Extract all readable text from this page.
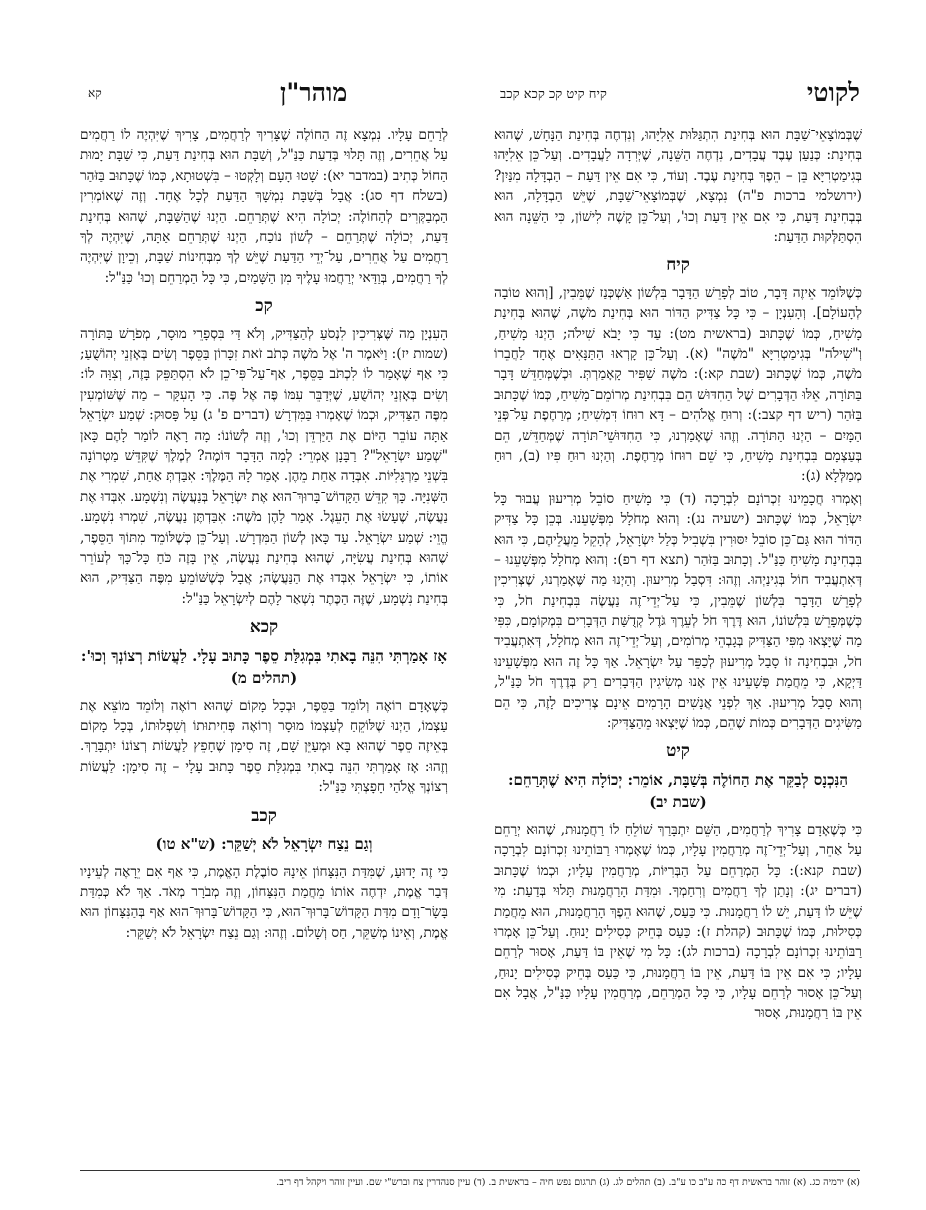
לקוטי
קיח קיט קכ קכא קכב
מוהר"ן
קא

שֶׁבְּמוֹצָאֵי־שַׁבָּת הוּא בְּחִינַת הִתְגַּלּוּת אֵלִיָּהוּ, וְנִדְחֶה בְּחִינַת הַנָּחָשׁ, שֶׁהוּא בְּחִינַת: כְּנַעַן עֶבֶד עֲבָדִים, נִדְחֶה הַשֵּׁנָה, שֶׁיְּרִדָה לַעֲבָדִים. וְעַל־כֵּן אֵלִיָּהוּ בְּגִימַטְרִיָּא בֵּן – הֵפֶךְ בְּחִינַת עֶבֶד. וְעוֹד, כִּי אִם אֵין דַּעַת – הַבְדָּלָה מִנַּיִן? (ירושלמי ברכות פ"ה) נִמְצָא, שֶׁבְּמוֹצָאֵי־שַׁבָּת, שֶׁיֵּשׁ הַבְדָּלָה, הוּא בְּבְחִינַת דַּעַת, כִּי אִם אֵין דַּעַת וְכוּ', וְעַל־כֵּן קָשֶׁה לִישׁוֹן, כִּי הַשֵּׁנָה הוּא הִסְתַּלְּקוּת הַדַּעַת:

קיח

כְּשֶׁלּוֹמֵד אֵיזֶה דָּבָר, טוֹב לְפָרֵשׁ הַדָּבָר בִּלְשׁוֹן אַשְׁכְּנַז שֶׁמֵּבִין, [וְהוּא טוֹבָה לְהָעוֹלָם]. וְהָעִנְיָן – כִּי כָּל צַדִּיק הַדּוֹר הוּא בְּחִינַת מֹשֶׁה, שֶׁהוּא בְּחִינַת מָשִׁיחַ, כְּמוֹ שֶׁכָּתוּב (בראשית מט): עַד כִּי יָבֹא שִׁילֹה; הַיְנוּ מָשִׁיחַ, וְ"שִׁילֹה" בְּגִימַטְרִיָּא "מֹשֶׁה" (א). וְעַל־כֵּן קָרְאוּ הַתַּנָּאִים אֶחָד לַחֲבֵרוֹ מֹשֶׁה, כְּמוֹ שֶׁכָּתוּב (שבת קא:): מֹשֶׁה שַׁפִּיר קָאָמַרְתְּ. וּכְשֶׁמְּחַדֵּשׁ דָּבָר בַּתּוֹרָה, אֵלּוּ הַדְּבָרִים שֶׁל הַחִדּוּשׁ הֵם בִּבְחִינַת מְרוֹמֵם־מָשִׁיחַ, כְּמוֹ שֶׁכָּתוּב בַּזֹּהַר (ריש דף קצב:): וְרוּחַ אֱלֹהִים – דָּא רוּחוֹ דִּמְשִׁיחַ; מְרַחֶפֶת עַל־פְּנֵי הַמָּיִם – הַיְנוּ הַתּוֹרָה. וְזֶהוּ שֶׁאָמַרְנוּ, כִּי הַחִדּוּשֵׁי־תּוֹרָה שֶׁמְּחַדֵּשׁ, הֵם בְּעַצְמָם בִּבְחִינַת מָשִׁיחַ, כִּי שֵׁם רוּחוֹ מְרַחֶפֶת. וְהַיְנוּ רוּחַ פִּיו (ב), רוּחַ מְמַלְּלָא (ג):

וְאָמְרוּ חֲכָמֵינוּ זִכְרוֹנָם לִבְרָכָה (ד) כִּי מָשִׁיחַ סוֹבֵל מְרִיעוּן עֲבוּר כָּל יִשְׂרָאֵל, כְּמוֹ שֶׁכָּתוּב (ישעיה נג): וְהוּא מְחֹלָל מִפְּשָׁעֵנוּ. בְּכֵן כָּל צַדִּיק הַדּוֹר הוּא גַּם־כֵּן סוֹבֵל יִסּוּרִין בִּשְׁבִיל כְּלַל יִשְׂרָאֵל, לְהָקֵל מֵעֲלֵיהֶם, כִּי הוּא בִּבְחִינַת מָשִׁיחַ כַּנַּ"ל. וְכָתוּב בַּזֹּהַר (תצא דף רפ): וְהוּא מְחֹלָל מִפְּשָׁעֵנוּ – דְּאִתְעֲבִיד חוֹל בְּגִינַיְהוּ. וְזֶהוּ: דִּסְבַל מְרִיעוּן. וְהַיְנוּ מַה שֶּׁאָמַרְנוּ, שֶׁצְּרִיכִין לְפָרֵשׁ הַדָּבָר בִּלְשׁוֹן שֶׁמֵּבִין, כִּי עַל־יְדֵי־זֶה נַעֲשֶׂה בִּבְחִינַת חֹל, כִּי כְּשֶׁמְּפָרֵשׁ בִּלְשׁוֹנוֹ, הוּא דֶּרֶךְ חֹל לְעֵרֶךְ גֹּדֶל קְדֻשַּׁת הַדְּבָרִים בִּמְקוֹמָם, כִּפִּי מַה שֶּׁיָּצְאוּ מִפִּי הַצַּדִּיק בְּגָבְהֵי מְרוֹמִים, וְעַל־יְדֵי־זֶה הוּא מְחֹלָל, דְּאִתְעֲבִיד חֹל, וּבִבְחִינָה זוֹ סָבַל מְרִיעוּן לְכַפֵּר עַל יִשְׂרָאֵל. אַךְ כָּל זֶה הוּא מִפְּשָׁעֵינוּ דַּיְקָא, כִּי מֵחֲמַת פְּשָׁעֵינוּ אֵין אָנוּ מְשִׂיגִין הַדְּבָרִים רַק בְּדֶרֶךְ חֹל כַּנַּ"ל, וְהוּא סָבַל מְרִיעוּן. אַךְ לִפְנֵי אֲנָשִׁים הָרָמִים אֵינָם צְרִיכִים לָזֶה, כִּי הֵם מַשִּׂיגִים הַדְּבָרִים כְּמוֹת שֶׁהֵם, כְּמוֹ שֶׁיָּצְאוּ מֵהַצַּדִּיק:

קיט
הַנִּכְנָס לְבַקֵּר אֶת הַחוֹלֶה בְּשַׁבָּת, אוֹמֵר: יְכוֹלָה הִיא שֶׁתְּרַחֵם: (שבת יב)

כִּי כְּשֶׁאָדָם צָרִיךְ לְרַחֲמִים, הַשֵּׁם יִתְבָּרַךְ שׁוֹלֵחַ לוֹ רַחֲמָנוּת, שֶׁהוּא יְרַחֵם עַל אַחֵר, וְעַל־יְדֵי־זֶה מְרַחֲמִין עָלָיו, כְּמוֹ שֶׁאָמְרוּ רַבּוֹתֵינוּ זִכְרוֹנָם לִבְרָכָה (שבת קנא:): כָּל הַמְרַחֵם עַל הַבְּרִיּוֹת, מְרַחֲמִין עָלָיו; וּכְמוֹ שֶׁכָּתוּב (דברים יג): וְנָתַן לְךָ רַחֲמִים וְרִחַמְךָ. וּמִדַּת הָרַחֲמָנוּת תָּלוּי בְּדַעַת: מִי שֶׁיֵּשׁ לוֹ דַּעַת, יֵשׁ לוֹ רַחֲמָנוּת. כִּי כַּעַס, שֶׁהוּא הֵפֶךְ הָרַחֲמָנוּת, הוּא מֵחֲמַת כְּסִילוּת, כְּמוֹ שֶׁכָּתוּב (קהלת ז): כַּעַס בְּחֵיק כְּסִילִים יָנוּחַ. וְעַל־כֵּן אָמְרוּ רַבּוֹתֵינוּ זִכְרוֹנָם לִבְרָכָה (ברכות לג): כָּל מִי שֶׁאֵין בּוֹ דַּעַת, אָסוּר לְרַחֵם עָלָיו; כִּי אִם אֵין בּוֹ דַּעַת, אֵין בּוֹ רַחֲמָנוּת, כִּי כַּעַס בְּחֵיק כְּסִילִים יָנוּחַ, וְעַל־כֵּן אָסוּר לְרַחֵם עָלָיו, כִּי כָּל הַמְרַחֵם, מְרַחֲמִין עָלָיו כַּנַּ"ל, אֲבָל אִם אֵין בּוֹ רַחֲמָנוּת, אָסוּר

לְרַחֵם עָלָיו. נִמְצָא זֶה הַחוֹלֶה שֶׁצָּרִיךְ לְרַחֲמִים, צָרִיךְ שֶׁיִּהְיֶה לוֹ רַחֲמִים עַל אֲחֵרִים, וְזֶה תָּלוּי בְּדַעַת כַּנַּ"ל, וְשַׁבָּת הוּא בְּחִינַת דַּעַת, כִּי שַׁבָּת יָמוּת הַחוֹל כְּתִיב (במדבר יא): שָׁטוּ הָעָם וְלָקְטוּ – בִּשְׁטוּתָא, כְּמוֹ שֶׁכָּתוּב בַּזֹּהַר (בשלח דף סג): אֲבָל בְּשַׁבָּת נִמְשָׁךְ הַדַּעַת לְכָל אֶחָד. וְזֶה שֶׁאוֹמְרִין הַמְבַקְּרִים לְהַחוֹלֶה: יְכוֹלָה הִיא שֶׁתְּרַחֵם. הַיְנוּ שֶׁהַשַּׁבָּת, שֶׁהוּא בְּחִינַת דַּעַת, יְכוֹלָה שֶׁתְּרַחֵם – לְשׁוֹן נוֹכַח, הַיְנוּ שֶׁתְּרַחֵם אַתָּה, שֶׁיִּהְיֶה לְךָ רַחֲמִים עַל אֲחֵרִים, עַל־יְדֵי הַדַּעַת שֶׁיֵּשׁ לְךָ מִבְּחִינוֹת שַׁבָּת, וְכֵיוָן שֶׁיִּהְיֶה לְךָ רַחֲמִים, בְּוַדַּאי יְרַחֲמוּ עָלֶיךָ מִן הַשָּׁמַיִם, כִּי כָּל הַמְרַחֵם וְכוּ' כַּנַּ"ל:

קכ

הָעִנְיָן מַה שֶּׁצְּרִיכִין לִנְסֹעַ לְהַצַּדִּיק, וְלֹא דַּי בִּסְפָרֵי מוּסָר, מְפֹרָשׁ בַּתּוֹרָה (שמות יז): וַיֹּאמֶר ה' אֶל מֹשֶׁה כְּתֹב זֹאת זִכָּרוֹן בַּסֵּפֶר וְשִׂים בְּאָזְנֵי יְהוֹשֻׁעַ; כִּי אַף שֶׁאָמַר לוֹ לִכְתֹּב בַּסֵּפֶר, אַף־עַל־פִּי־כֵן לֹא הִסְתַּפֵּק בָּזֶה, וְצִוָּה לוֹ: וְשִׂים בְּאָזְנֵי יְהוֹשֻׁעַ, שֶׁיְּדַבֵּר עִמּוֹ פֶּה אֶל פֶּה. כִּי הָעִקָּר – מַה שֶּׁשּׁוֹמְעִין מִפֶּה הַצַּדִּיק, וּכְמוֹ שֶׁאָמְרוּ בַּמִּדְרָשׁ (דברים פ' ג) עַל פָּסוּק: שְׁמַע יִשְׂרָאֵל אַתָּה עוֹבֵר הַיּוֹם אֶת הַיַּרְדֵּן וְכוּ', וְזֶה לְשׁוֹנוֹ: מָה רָאָה לוֹמַר לָהֶם כָּאן "שְׁמַע יִשְׂרָאֵל"? רַבָּנָן אָמְרֵי: לְמָה הַדָּבָר דּוֹמֶה? לְמֶלֶךְ שֶׁקִּדֵּשׁ מַטְרוֹנָה בִּשְׁנֵי מַרְגָּלִיּוֹת. אִבְּדָה אַחַת מֵהֶן. אָמַר לָהּ הַמֶּלֶךְ: אִבַּדְתְּ אַחַת, שִׁמְרִי אֶת הַשְּׁנִיָּה. כָּךְ קִדֵּשׁ הַקָּדוֹשׁ־בָּרוּךְ־הוּא אֶת יִשְׂרָאֵל בְּנַעֲשֶׂה וְנִשְׁמָע. אִבְּדוּ אֶת נַעֲשֶׂה, שֶׁעָשׂוּ אֶת הָעֵגֶל. אָמַר לָהֶן מֹשֶׁה: אִבַּדְתֶּן נַעֲשֶׂה, שִׁמְרוּ נִשְׁמָע. הֱוֵי: שְׁמַע יִשְׂרָאֵל. עַד כָּאן לְשׁוֹן הַמִּדְרָשׁ. וְעַל־כֵּן כְּשֶׁלּוֹמֵד מִתּוֹךְ הַסֵּפֶר, שֶׁהוּא בְּחִינַת עֲשִׂיָּה, שֶׁהוּא בְּחִינַת נַעֲשֶׂה, אֵין בָּזֶה כֹּחַ כָּל־כָּךְ לְעוֹרֵר אוֹתוֹ, כִּי יִשְׂרָאֵל אִבְּדוּ אֶת הַנַּעֲשֶׂה; אֲבָל כְּשֶׁשּׁוֹמֵעַ מִפֶּה הַצַּדִּיק, הוּא בְּחִינַת נִשְׁמָע, שֶׁזֶּה הַכֶּתֶר נִשְׁאַר לָהֶם לְיִשְׂרָאֵל כַּנַּ"ל:

קכא
אָז אָמַרְתִּי הִנֵּה בָאתִי בִּמְגִלַּת סֵפֶר כָּתוּב עָלָי. לַעֲשׂוֹת רְצוֹנְךָ וְכוּ': (תהלים מ)

כְּשֶׁאָדָם רוֹאֶה וְלוֹמֵד בַּסֵּפֶר, וּבְכָל מָקוֹם שֶׁהוּא רוֹאֶה וְלוֹמֵד מוֹצֵא אֶת עַצְמוֹ, הַיְנוּ שֶׁלּוֹקֵחַ לְעַצְמוֹ מוּסָר וְרוֹאֶה פְּחִיתוּתוֹ וְשִׁפְלוּתוֹ, בְּכָל מָקוֹם בְּאֵיזֶה סֵפֶר שֶׁהוּא בָּא וּמְעַיֵּן שָׁם, זֶה סִימָן שֶׁחָפֵץ לַעֲשׂוֹת רְצוֹנוֹ יִתְבָּרַךְ. וְזֶהוּ: אָז אָמַרְתִּי הִנֵּה בָאתִי בִּמְגִלַּת סֵפֶר כָּתוּב עָלָי – זֶה סִימָן: לַעֲשׂוֹת רְצוֹנְךָ אֱלֹהַי חָפָצְתִּי כַּנַּ"ל:

קכב
וְגַם נֵצַח יִשְׂרָאֵל לֹא יְשַׁקֵּר: (ש"א טו)

כִּי זֶה יָדוּעַ, שֶׁמִּדַּת הַנִּצָּחוֹן אֵינָהּ סוֹבֶלֶת הָאֱמֶת, כִּי אַף אִם יֵרָאֶה לְעֵינָיו דְּבַר אֱמֶת, יִדְחֶה אוֹתוֹ מֵחֲמַת הַנִּצָּחוֹן, וְזֶה מְבֹרָר מְאֹד. אַךְ לֹא כְּמִדַּת בָּשָׂר־וָדָם מִדַּת הַקָּדוֹשׁ־בָּרוּךְ־הוּא, כִּי הַקָּדוֹשׁ־בָּרוּךְ־הוּא אַף בְּהַנִּצָּחוֹן הוּא אֱמֶת, וְאֵינוֹ מְשַׁקֵּר, חַס וְשָׁלוֹם. וְזֶהוּ: וְגַם נֵצַח יִשְׂרָאֵל לֹא יְשַׁקֵּר:

(א) ירמיה כג. (א) זוהר בראשית דף כה ע"ב כו ע"ב. (ב) תהלים לג. (ג) תרגום נפש חיה – בראשית ב. (ד) עיין סנהדרין צח וברש"י שם. ועיין זוהר ויקהל דף ריב.
